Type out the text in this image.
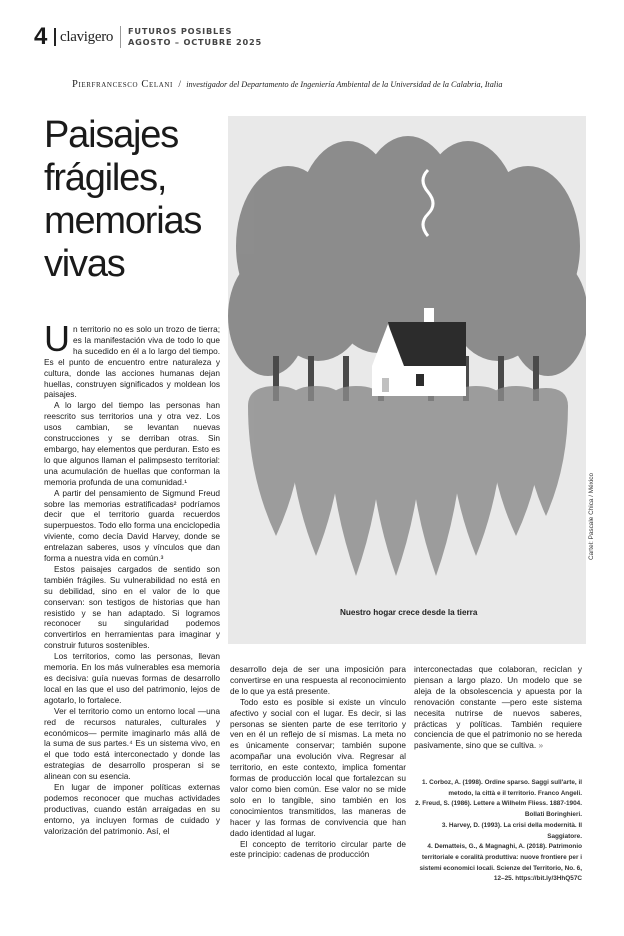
4 clavigero FUTUROS POSIBLES
AGOSTO – OCTUBRE 2025
Pierfrancesco Celani / investigador del Departamento de Ingeniería Ambiental de la Universidad de la Calabria, Italia
Paisajes
frágiles,
memorias
vivas
Nuestro hogar crece desde la tierra
Cartel: Pascale Chica / México

Un territorio no es solo un trozo de tierra; es la manifestación viva de todo lo que ha sucedido en él a lo largo del tiempo. Es el punto de encuentro entre naturaleza y cultura, donde las acciones humanas dejan huellas, construyen significados y moldean los paisajes.

A lo largo del tiempo las personas han reescrito sus territorios una y otra vez. Los usos cambian, se levantan nuevas construcciones y se derriban otras. Sin embargo, hay elementos que perduran. Esto es lo que algunos llaman el palimpsesto territorial: una acumulación de huellas que conforman la memoria profunda de una comunidad.¹

A partir del pensamiento de Sigmund Freud sobre las memorias estratificadas² podríamos decir que el territorio guarda recuerdos superpuestos. Todo ello forma una enciclopedia viviente, como decía David Harvey, donde se entrelazan saberes, usos y vínculos que dan forma a nuestra vida en común.³

Estos paisajes cargados de sentido son también frágiles. Su vulnerabilidad no está en su debilidad, sino en el valor de lo que conservan: son testigos de historias que han resistido y se han adaptado. Si logramos reconocer su singularidad podemos convertirlos en herramientas para imaginar y construir futuros sostenibles.

Los territorios, como las personas, llevan memoria. En los más vulnerables esa memoria es decisiva: guía nuevas formas de desarrollo local en las que el uso del patrimonio, lejos de agotarlo, lo fortalece.

Ver el territorio como un entorno local —una red de recursos naturales, culturales y económicos— permite imaginarlo más allá de la suma de sus partes.⁴ Es un sistema vivo, en el que todo está interconectado y donde las estrategias de desarrollo prosperan si se alinean con su esencia.

En lugar de imponer políticas externas podemos reconocer que muchas actividades productivas, cuando están arraigadas en su entorno, ya incluyen formas de cuidado y valorización del patrimonio. Así, el

desarrollo deja de ser una imposición para convertirse en una respuesta al reconocimiento de lo que ya está presente.

Todo esto es posible si existe un vínculo afectivo y social con el lugar. Es decir, si las personas se sienten parte de ese territorio y ven en él un reflejo de sí mismas. La meta no es únicamente conservar; también supone acompañar una evolución viva. Regresar al territorio, en este contexto, implica fomentar formas de producción local que fortalezcan su valor como bien común. Ese valor no se mide solo en lo tangible, sino también en los conocimientos transmitidos, las maneras de hacer y las formas de convivencia que han dado identidad al lugar.

El concepto de territorio circular parte de este principio: cadenas de producción

interconectadas que colaboran, reciclan y piensan a largo plazo. Un modelo que se aleja de la obsolescencia y apuesta por la renovación constante —pero este sistema necesita nutrirse de nuevos saberes, prácticas y políticas. También requiere conciencia de que el patrimonio no se hereda pasivamente, sino que se cultiva. »

1. Corboz, A. (1998). Ordine sparso. Saggi sull'arte, il metodo, la città e il territorio. Franco Angeli.

2. Freud, S. (1986). Lettere a Wilhelm Fliess. 1887-1904. Bollati Boringhieri.

3. Harvey, D. (1993). La crisi della modernità. Il Saggiatore.

4. Dematteis, G., & Magnaghi, A. (2018). Patrimonio territoriale e coralità produttiva: nuove frontiere per i sistemi economici locali. Scienze del Territorio, No. 6, 12–25. https://bit.ly/3HhQ57C
